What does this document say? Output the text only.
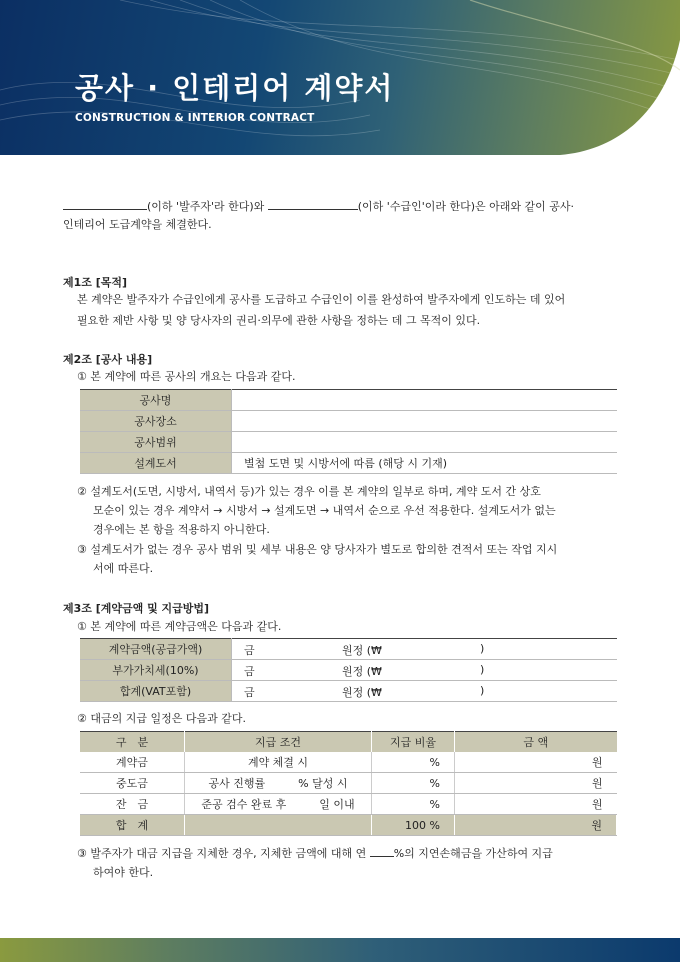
공사 · 인테리어 계약서
CONSTRUCTION & INTERIOR CONTRACT
(이하 '발주자'라 한다)와	(이하 '수급인'이라 한다)은 아래와 같이 공사·
인테리어 도급계약을 체결한다.
제1조 [목적]
본 계약은 발주자가 수급인에게 공사를 도급하고 수급인이 이를 완성하여 발주자에게 인도하는 데 있어
필요한 제반 사항 및 양 당사자의 권리·의무에 관한 사항을 정하는 데 그 목적이 있다.
제2조 [공사 내용]
① 본 계약에 따른 공사의 개요는 다음과 같다.
공사명	
공사장소	
공사범위	
설계도서	별첨 도면 및 시방서에 따름 (해당 시 기재)
② 설계도서(도면, 시방서, 내역서 등)가 있는 경우 이를 본 계약의 일부로 하며, 계약 도서 간 상호
모순이 있는 경우 계약서 → 시방서 → 설계도면 → 내역서 순으로 우선 적용한다. 설계도서가 없는
경우에는 본 항을 적용하지 아니한다.
③ 설계도서가 없는 경우 공사 범위 및 세부 내용은 양 당사자가 별도로 합의한 견적서 또는 작업 지시
서에 따른다.
제3조 [계약금액 및 지급방법]
① 본 계약에 따른 계약금액은 다음과 같다.
계약금액(공급가액)	금 원정 (₩ )

부가가치세(10%)	금 원정 (₩ )

합계(VAT포함)	금 원정 (₩ )
② 대금의 지급 일정은 다음과 같다.
구　분	지급 조건	지급 비율	금 액
계약금	계약 체결 시	%	원
중도금	공사 진행률　　　% 달성 시	%	원
잔　금	준공 검수 완료 후　　　일 이내	%	원
합　계		100 %	원
③ 발주자가 대금 지급을 지체한 경우, 지체한 금액에 대해 연	%의 지연손해금을 가산하여 지급
하여야 한다.
